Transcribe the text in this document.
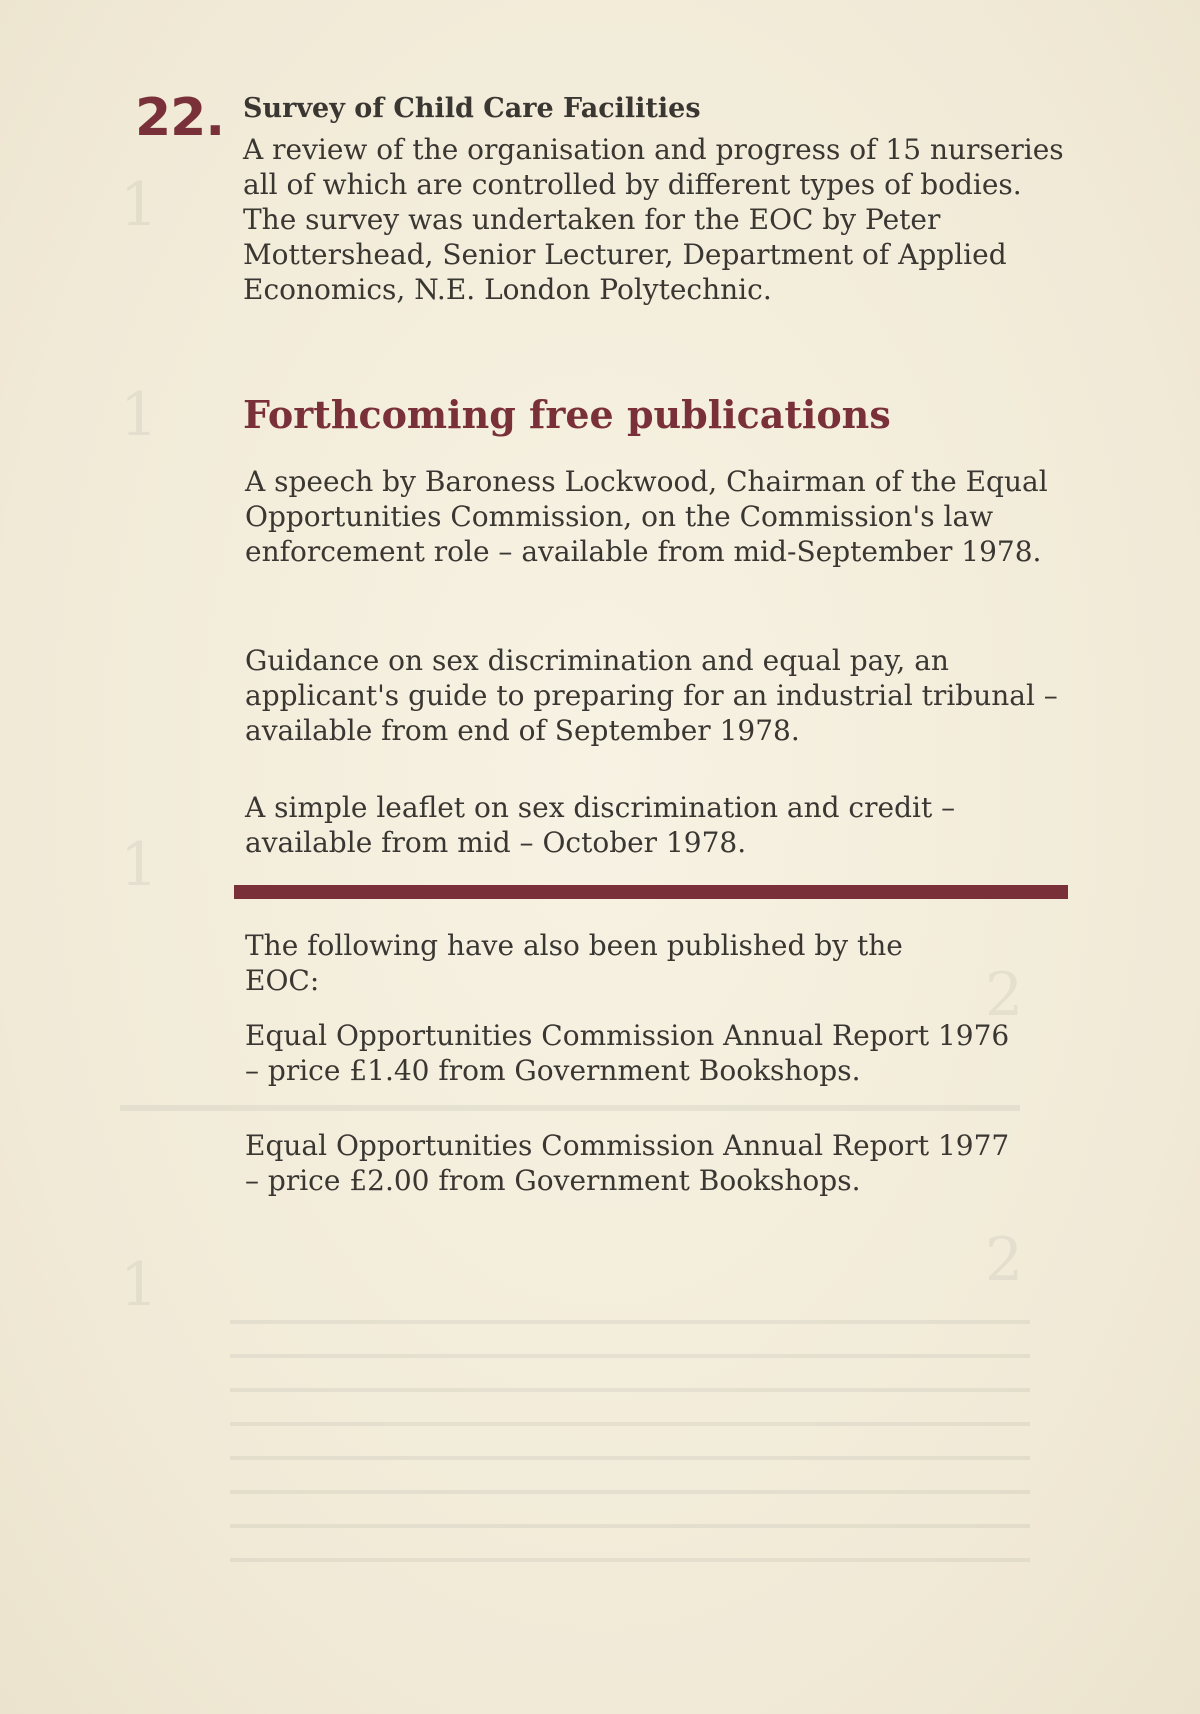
1
1
1
2
2
1
22. Survey of Child Care Facilities

A review of the organisation and progress of 15 nurseries all of which are controlled by different types of bodies. The survey was undertaken for the EOC by Peter Mottershead, Senior Lecturer, Department of Applied Economics, N.E. London Polytechnic.

Forthcoming free publications

A speech by Baroness Lockwood, Chairman of the Equal Opportunities Commission, on the Commission's law enforcement role – available from mid-September 1978.

Guidance on sex discrimination and equal pay, an applicant's guide to preparing for an industrial tribunal – available from end of September 1978.

A simple leaflet on sex discrimination and credit – available from mid – October 1978.

The following have also been published by the EOC:

Equal Opportunities Commission Annual Report 1976 – price £1.40 from Government Bookshops.

Equal Opportunities Commission Annual Report 1977 – price £2.00 from Government Bookshops.
